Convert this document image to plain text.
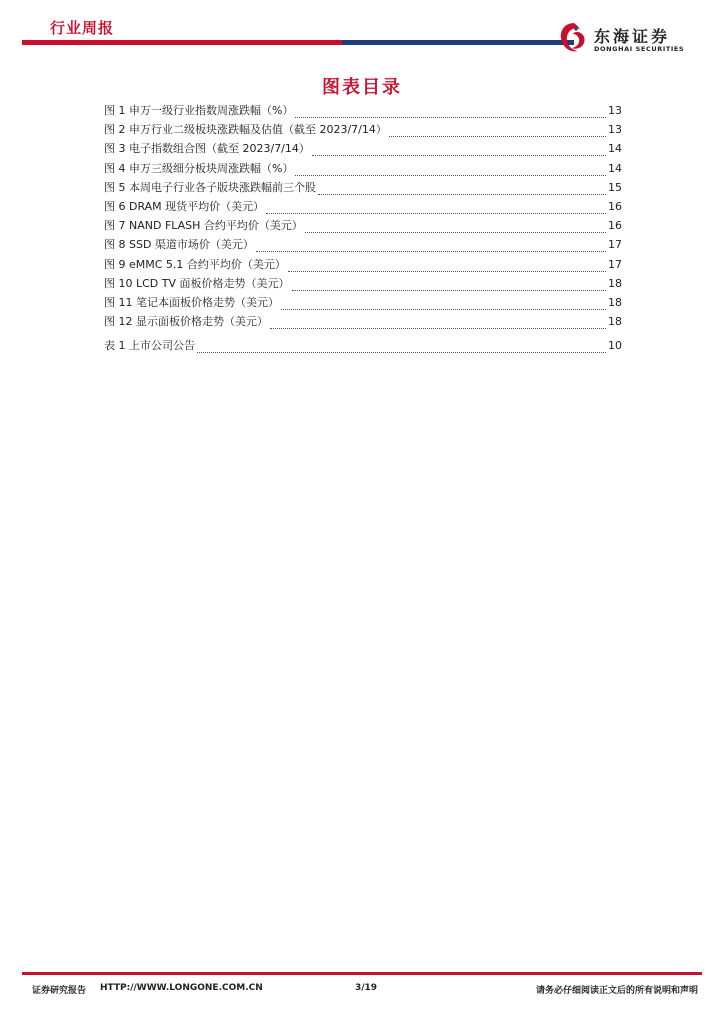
行业周报	东海证券
DONGHAI SECURITIES
图表目录
图 1 申万一级行业指数周涨跌幅（%）	13
图 2 申万行业二级板块涨跌幅及估值（截至 2023/7/14）	13
图 3 电子指数组合图（截至 2023/7/14）	14
图 4 申万三级细分板块周涨跌幅（%）	14
图 5 本周电子行业各子版块涨跌幅前三个股	15
图 6 DRAM 现货平均价（美元）	16
图 7 NAND FLASH 合约平均价（美元）	16
图 8 SSD 渠道市场价（美元）	17
图 9 eMMC 5.1 合约平均价（美元）	17
图 10 LCD TV 面板价格走势（美元）	18
图 11 笔记本面板价格走势（美元）	18
图 12 显示面板价格走势（美元）	18
表 1 上市公司公告	10
证券研究报告 HTTP://WWW.LONGONE.COM.CN	3/19	请务必仔细阅读正文后的所有说明和声明
